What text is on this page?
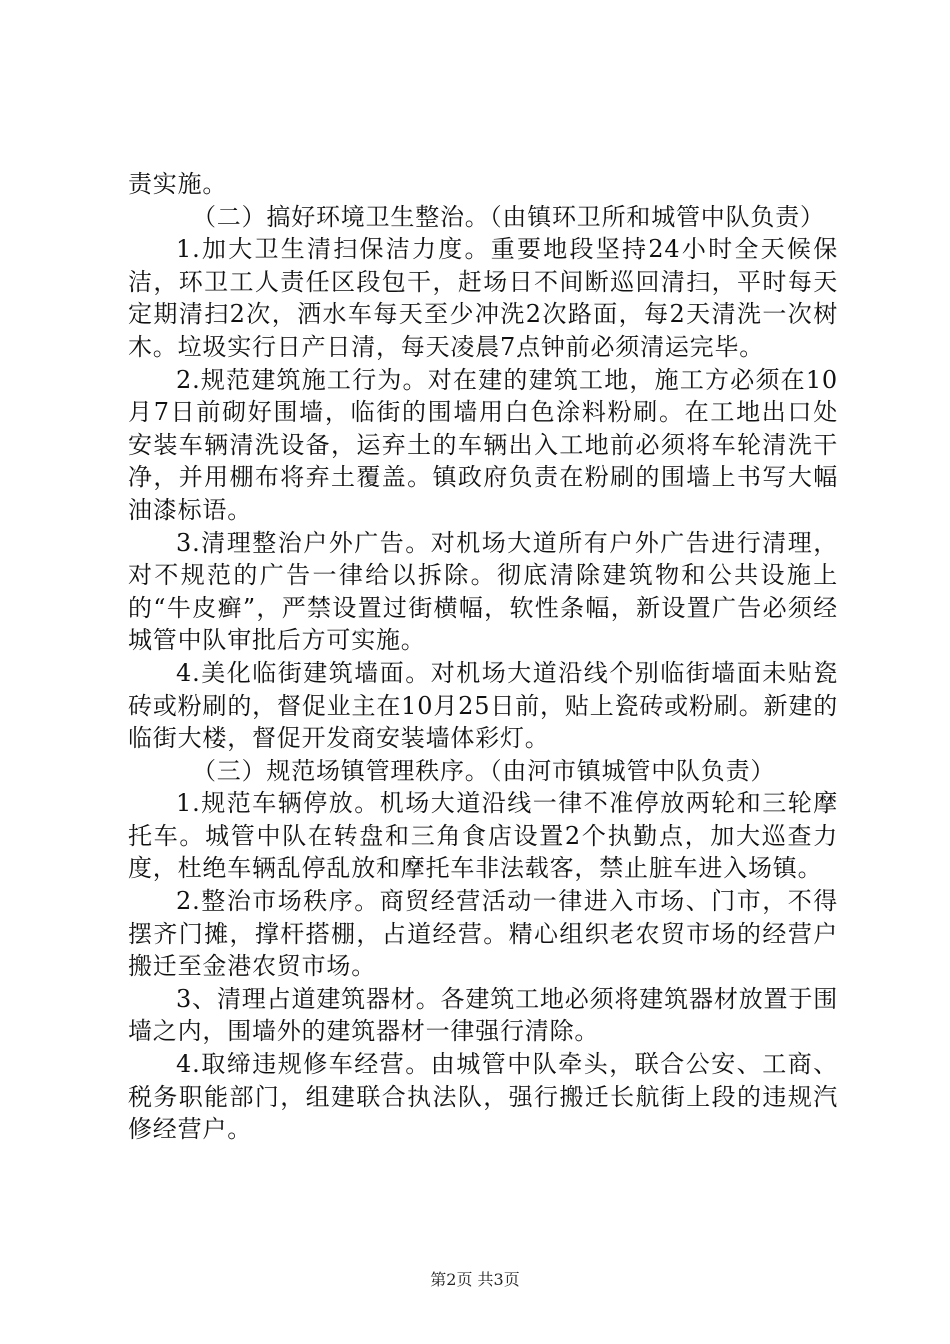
责实施。

（二）搞好环境卫生整治。（由镇环卫所和城管中队负责）

1.加大卫生清扫保洁力度。重要地段坚持24小时全天候保洁，环卫工人责任区段包干，赶场日不间断巡回清扫，平时每天定期清扫2次，洒水车每天至少冲洗2次路面，每2天清洗一次树木。垃圾实行日产日清，每天凌晨7点钟前必须清运完毕。

2.规范建筑施工行为。对在建的建筑工地，施工方必须在10月7日前砌好围墙，临街的围墙用白色涂料粉刷。在工地出口处安装车辆清洗设备，运弃土的车辆出入工地前必须将车轮清洗干净，并用棚布将弃土覆盖。镇政府负责在粉刷的围墙上书写大幅油漆标语。

3.清理整治户外广告。对机场大道所有户外广告进行清理，对不规范的广告一律给以拆除。彻底清除建筑物和公共设施上的“牛皮癣”，严禁设置过街横幅，软性条幅，新设置广告必须经城管中队审批后方可实施。

4.美化临街建筑墙面。对机场大道沿线个别临街墙面未贴瓷砖或粉刷的，督促业主在10月25日前，贴上瓷砖或粉刷。新建的临街大楼，督促开发商安装墙体彩灯。

（三）规范场镇管理秩序。（由河市镇城管中队负责）

1.规范车辆停放。机场大道沿线一律不准停放两轮和三轮摩托车。城管中队在转盘和三角食店设置2个执勤点，加大巡查力度，杜绝车辆乱停乱放和摩托车非法载客，禁止脏车进入场镇。

2.整治市场秩序。商贸经营活动一律进入市场、门市，不得摆齐门摊，撑杆搭棚，占道经营。精心组织老农贸市场的经营户搬迁至金港农贸市场。

3、清理占道建筑器材。各建筑工地必须将建筑器材放置于围墙之内，围墙外的建筑器材一律强行清除。

4.取缔违规修车经营。由城管中队牵头，联合公安、工商、税务职能部门，组建联合执法队，强行搬迁长航街上段的违规汽修经营户。

第2页 共3页
